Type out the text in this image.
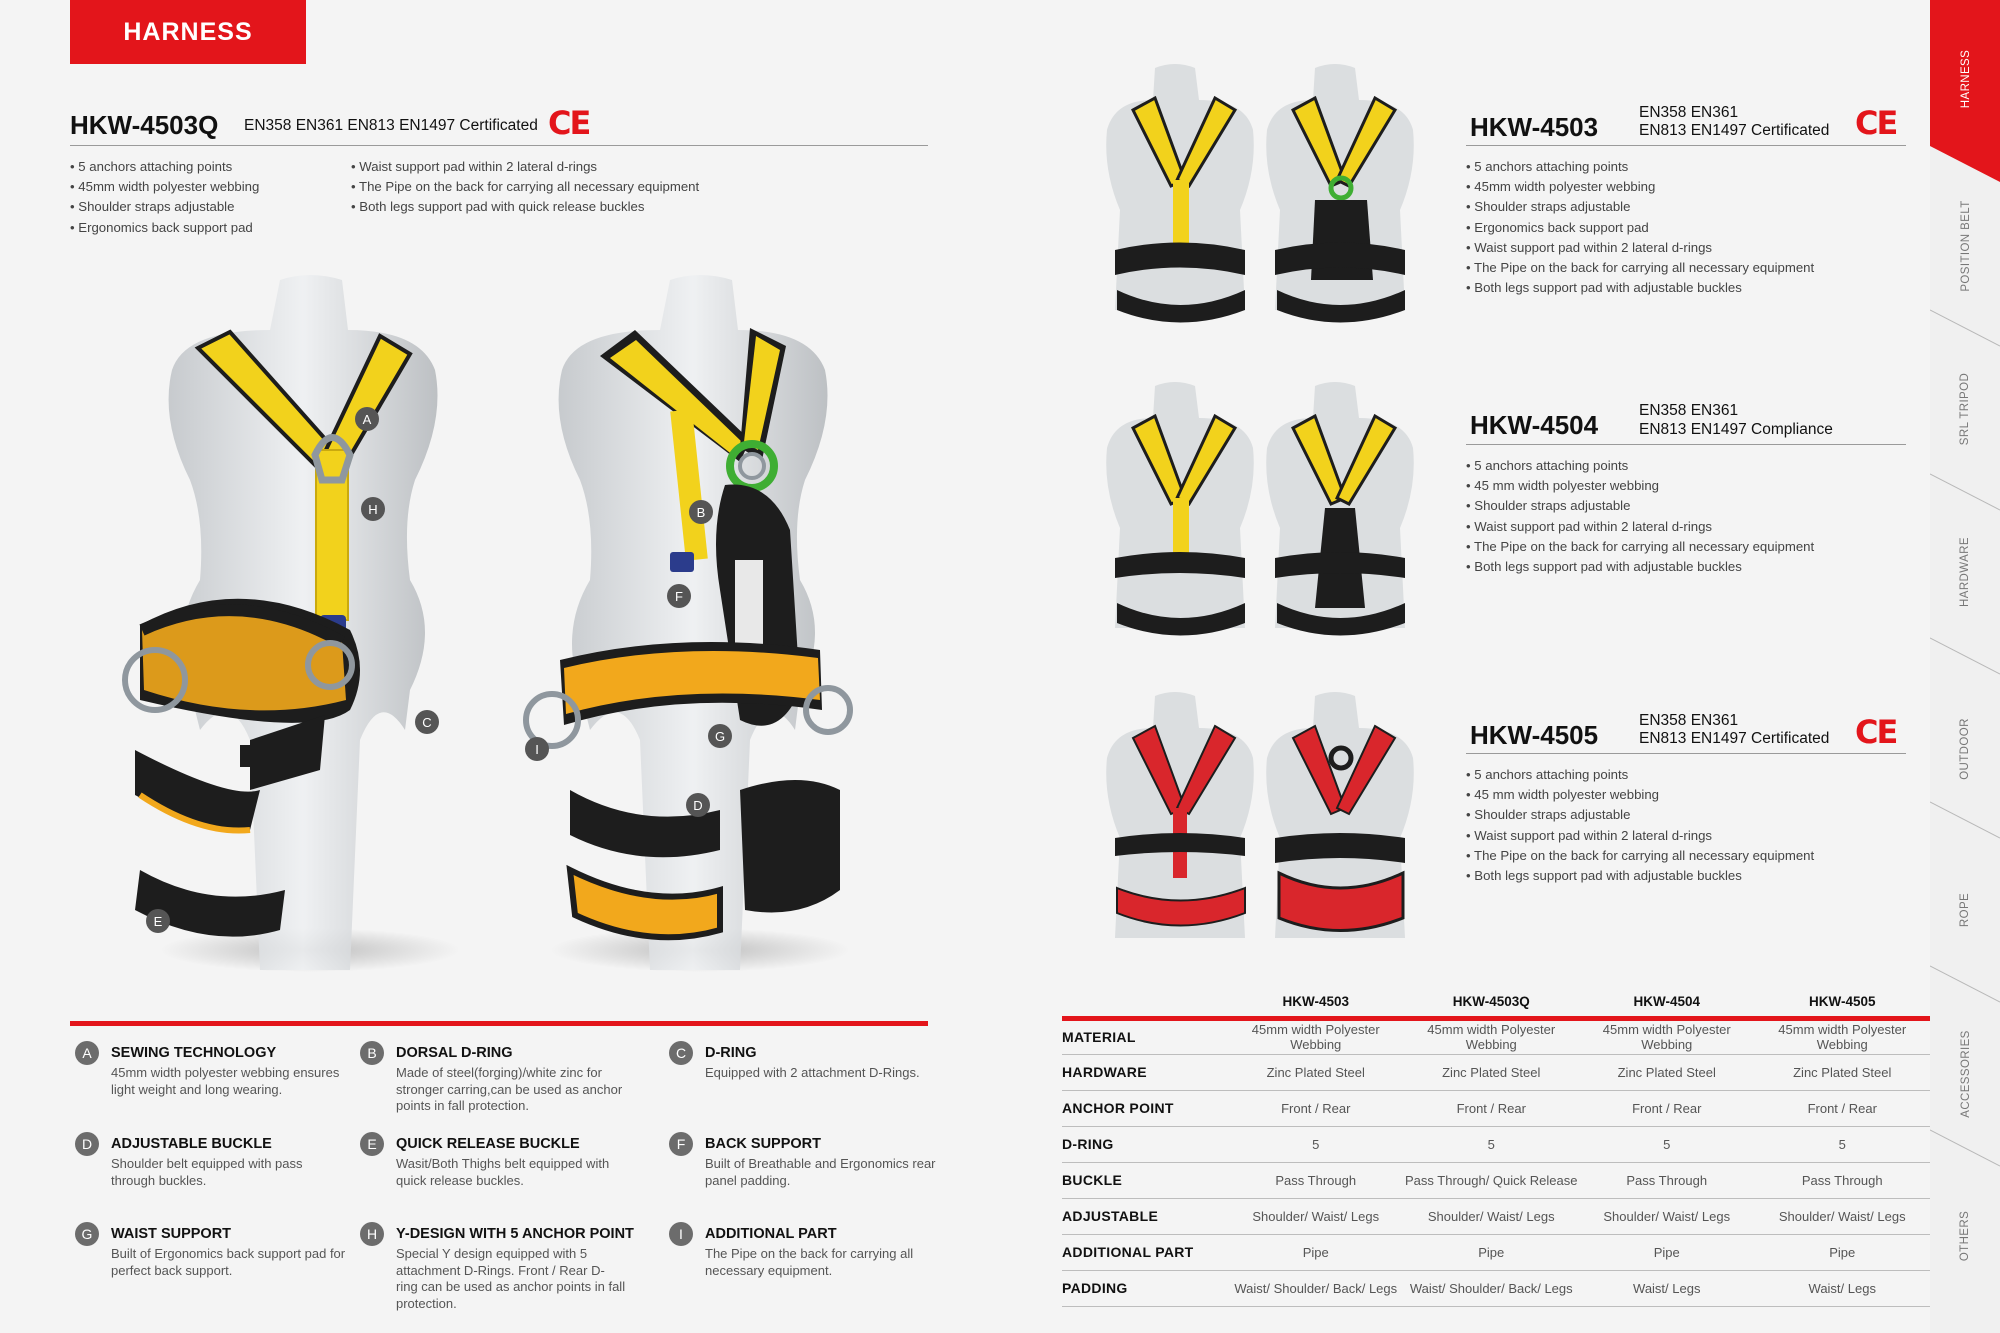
HARNESS
HKW-4503Q EN358 EN361 EN813 EN1497 Certificated CE
• 5 anchors attaching points
• 45mm width polyester webbing
• Shoulder straps adjustable
• Ergonomics back support pad
• Waist support pad within 2 lateral d-rings
• The Pipe on the back for carrying all necessary equipment
• Both legs support pad with quick release buckles
A
H
C
E
B
F
G
I
D
A	SEWING TECHNOLOGY
45mm width polyester webbing ensures light weight and long wearing.
B	DORSAL D-RING
Made of steel(forging)/white zinc for stronger carring,can be used as anchor points in fall protection.
C	D-RING
Equipped with 2 attachment D-Rings.
D	ADJUSTABLE BUCKLE
Shoulder belt equipped with pass through buckles.
E	QUICK RELEASE BUCKLE
Wasit/Both Thighs belt equipped with quick release buckles.
F	BACK SUPPORT
Built of Breathable and Ergonomics rear panel padding.
G	WAIST SUPPORT
Built of Ergonomics back support pad for perfect back support.
H	Y-DESIGN WITH 5 ANCHOR POINT
Special Y design equipped with 5 attachment D-Rings. Front / Rear D-ring can be used as anchor points in fall protection.
I	ADDITIONAL PART
The Pipe on the back for carrying all necessary equipment.
HKW-4503	EN358 EN361
EN813 EN1497 Certificated CE
• 5 anchors attaching points
• 45mm width polyester webbing
• Shoulder straps adjustable
• Ergonomics back support pad
• Waist support pad within 2 lateral d-rings
• The Pipe on the back for carrying all necessary equipment
• Both legs support pad with adjustable buckles
HKW-4504	EN358 EN361
EN813 EN1497 Compliance
• 5 anchors attaching points
• 45 mm width polyester webbing
• Shoulder straps adjustable
• Waist support pad within 2 lateral d-rings
• The Pipe on the back for carrying all necessary equipment
• Both legs support pad with adjustable buckles
HKW-4505	EN358 EN361
EN813 EN1497 Certificated CE
• 5 anchors attaching points
• 45 mm width polyester webbing
• Shoulder straps adjustable
• Waist support pad within 2 lateral d-rings
• The Pipe on the back for carrying all necessary equipment
• Both legs support pad with adjustable buckles
	HKW-4503	HKW-4503Q	HKW-4504	HKW-4505
MATERIAL	45mm width Polyester Webbing	45mm width Polyester Webbing	45mm width Polyester Webbing	45mm width Polyester Webbing
HARDWARE	Zinc Plated Steel	Zinc Plated Steel	Zinc Plated Steel	Zinc Plated Steel
ANCHOR POINT	Front / Rear	Front / Rear	Front / Rear	Front / Rear
D-RING	5	5	5	5
BUCKLE	Pass Through	Pass Through/ Quick Release	Pass Through	Pass Through
ADJUSTABLE	Shoulder/ Waist/ Legs	Shoulder/ Waist/ Legs	Shoulder/ Waist/ Legs	Shoulder/ Waist/ Legs
ADDITIONAL PART	Pipe	Pipe	Pipe	Pipe
PADDING	Waist/ Shoulder/ Back/ Legs	Waist/ Shoulder/ Back/ Legs	Waist/ Legs	Waist/ Legs
HARNESS
POSITION BELT
SRL TRIPOD
HARDWARE
OUTDOOR
ROPE
ACCESSORIES
OTHERS
